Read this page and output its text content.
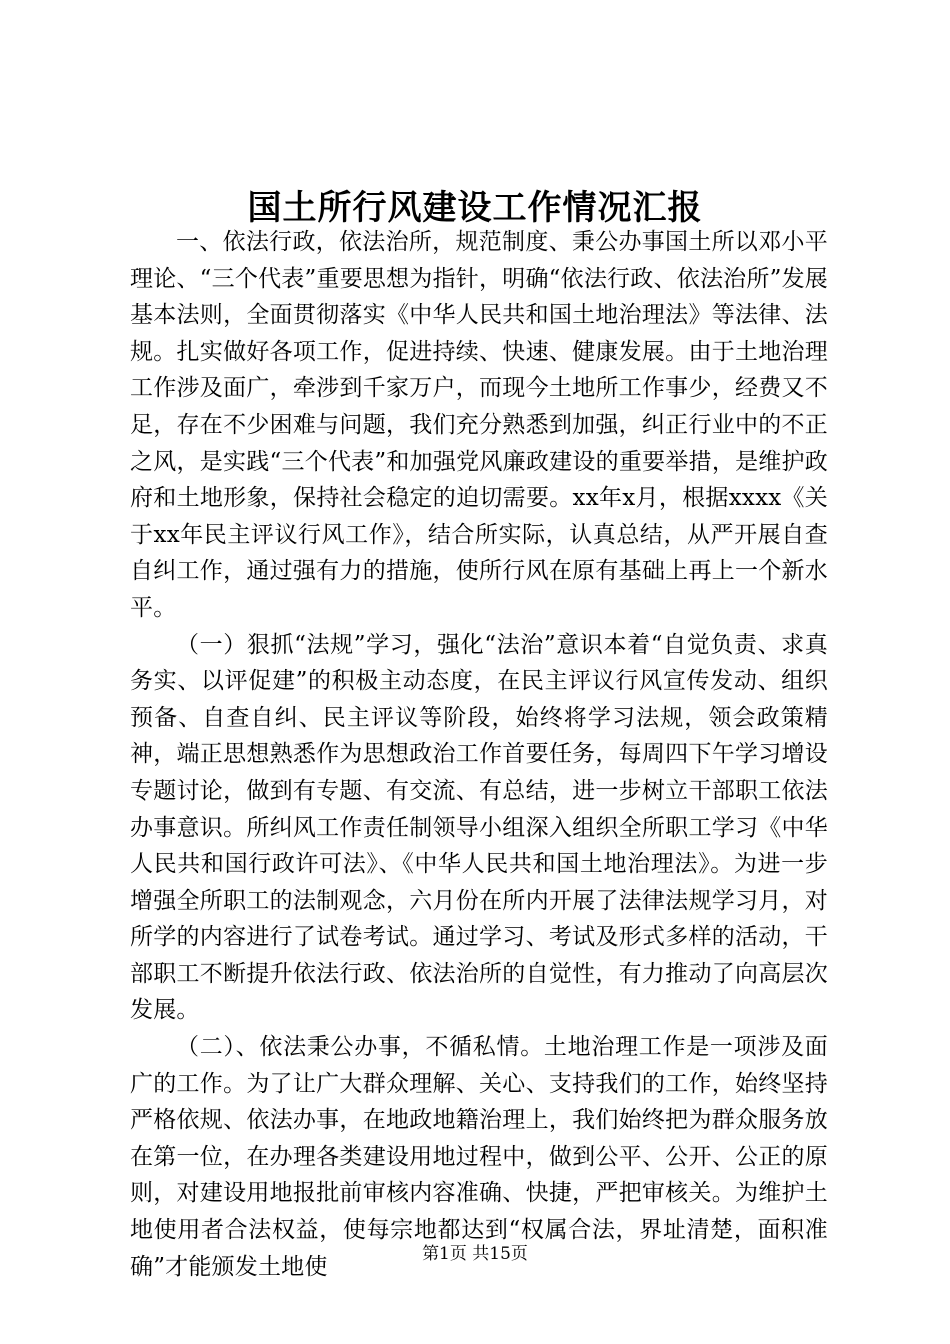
国土所行风建设工作情况汇报

一、依法行政，依法治所，规范制度、秉公办事国土所以邓小平理论、“三个代表”重要思想为指针，明确“依法行政、依法治所”发展基本法则，全面贯彻落实《中华人民共和国土地治理法》等法律、法规。扎实做好各项工作，促进持续、快速、健康发展。由于土地治理工作涉及面广，牵涉到千家万户，而现今土地所工作事少，经费又不足，存在不少困难与问题，我们充分熟悉到加强，纠正行业中的不正之风，是实践“三个代表”和加强党风廉政建设的重要举措，是维护政府和土地形象，保持社会稳定的迫切需要。xx年x月，根据xxxx《关于xx年民主评议行风工作》，结合所实际，认真总结，从严开展自查自纠工作，通过强有力的措施，使所行风在原有基础上再上一个新水平。

（一）狠抓“法规”学习，强化“法治”意识本着“自觉负责、求真务实、以评促建”的积极主动态度，在民主评议行风宣传发动、组织预备、自查自纠、民主评议等阶段，始终将学习法规，领会政策精神，端正思想熟悉作为思想政治工作首要任务，每周四下午学习增设专题讨论，做到有专题、有交流、有总结，进一步树立干部职工依法办事意识。所纠风工作责任制领导小组深入组织全所职工学习《中华人民共和国行政许可法》、《中华人民共和国土地治理法》。为进一步增强全所职工的法制观念，六月份在所内开展了法律法规学习月，对所学的内容进行了试卷考试。通过学习、考试及形式多样的活动，干部职工不断提升依法行政、依法治所的自觉性，有力推动了向高层次发展。

（二）、依法秉公办事，不循私情。土地治理工作是一项涉及面广的工作。为了让广大群众理解、关心、支持我们的工作，始终坚持严格依规、依法办事，在地政地籍治理上，我们始终把为群众服务放在第一位，在办理各类建设用地过程中，做到公平、公开、公正的原则，对建设用地报批前审核内容准确、快捷，严把审核关。为维护土地使用者合法权益，使每宗地都达到“权属合法，界址清楚，面积准确”才能颁发土地使	第1页 共15页
